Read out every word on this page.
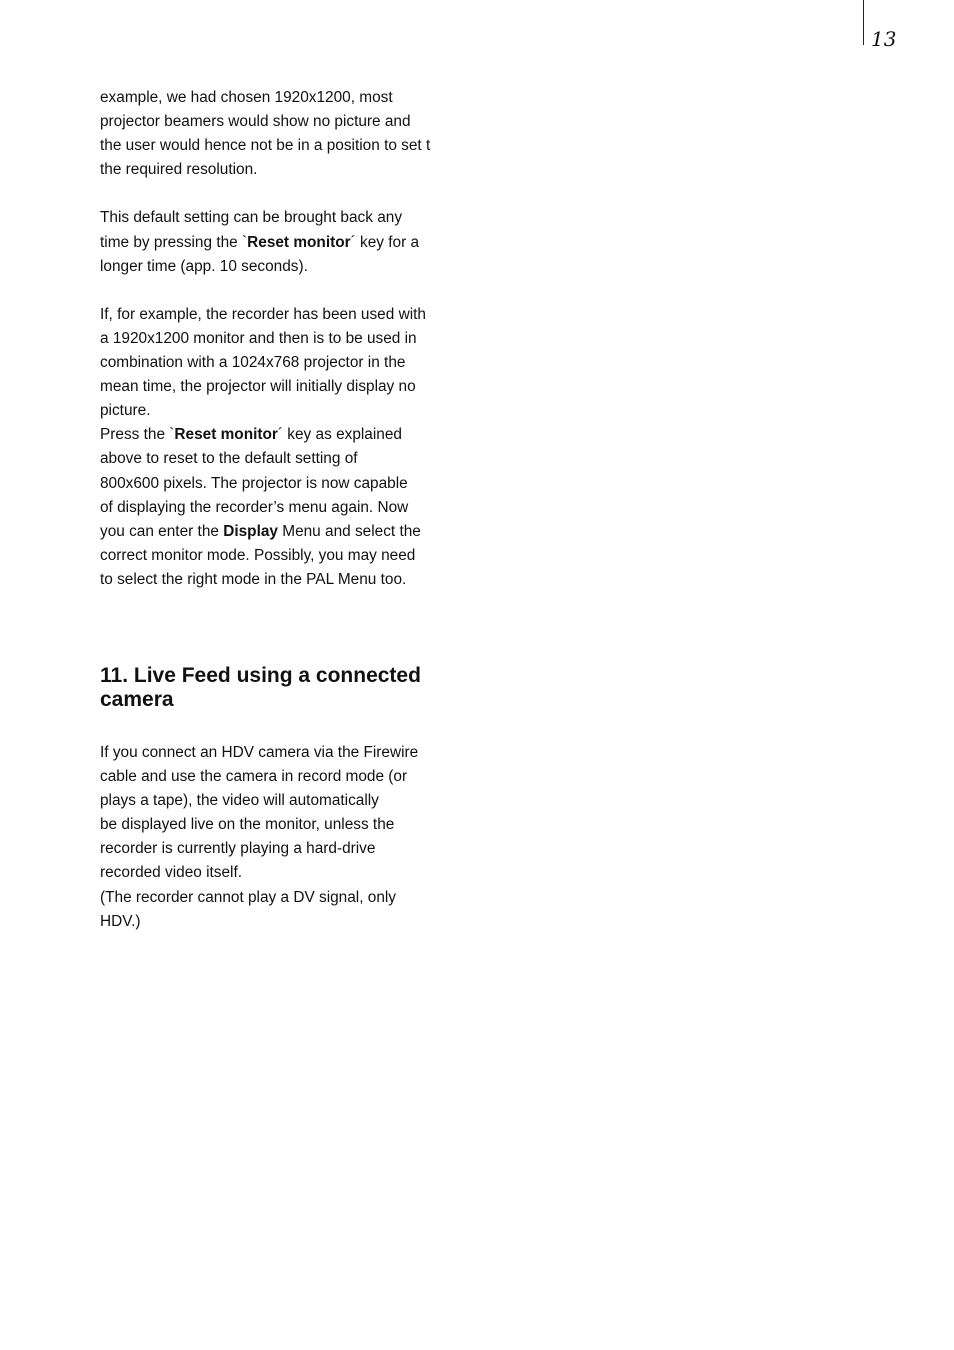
13
example, we had chosen 1920x1200, most
projector beamers would show no picture and
the user would hence not be in a position to set t
the required resolution.
This default setting can be brought back any
time by pressing the `Reset monitor´ key for a
longer time (app. 10 seconds).
If, for example, the recorder has been used with
a 1920x1200 monitor and then is to be used in
combination with a 1024x768 projector in the
mean time, the projector will initially display no
picture.
Press the `Reset monitor´ key as explained
above to reset to the default setting of
800x600 pixels. The projector is now capable
of displaying the recorder’s menu again. Now
you can enter the Display Menu and select the
correct monitor mode. Possibly, you may need
to select the right mode in the PAL Menu too.
11. Live Feed using a connected
camera
If you connect an HDV camera via the Firewire
cable and use the camera in record mode (or
plays a tape), the video will automatically
be displayed live on the monitor, unless the
recorder is currently playing a hard-drive
recorded video itself.
(The recorder cannot play a DV signal, only
HDV.)
